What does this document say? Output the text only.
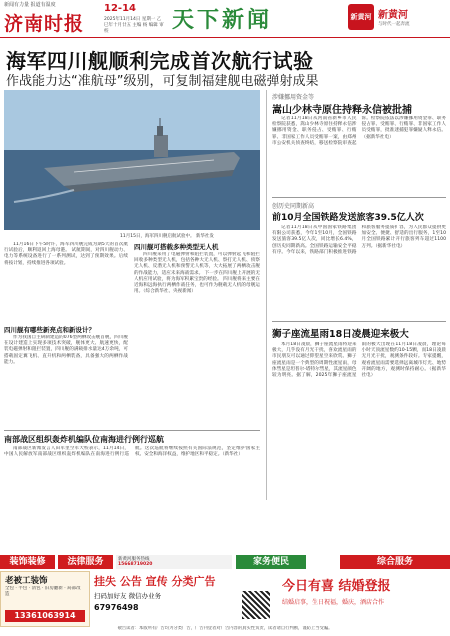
新闻有力量 报道有温度
济南时报
12-14
2025年11月14日 星期一 乙巳年十月廿五 主编 杨 编辑 审校	天下新闻	新黄河 新黄河
与时代一起奔流
海军四川舰顺利完成首次航行试验
作战能力达“准航母”级别，可复制福建舰电磁弹射成果
11月15日，海军四川舰启航试验中。 新华社发

11月16日下午5时许，海军四川舰完成为期5天的首次航行试验后，顺利返回上海母港。 试航期间，对四川舰动力、电力等系统设备进行了一系列测试，达到了预期效果。后续将按计划，持续推进各项试验。

四川舰有哪些新亮点和新设计？

作为我国自主研制建造的076型两栖攻击舰首舰，四川舰在设计建造上实现多项技术突破，舰体更大、航速更快，配装电磁弹射和阻拦装置，四川舰的满载排水量达4万余吨，可搭载固定翼飞机、直升机和两栖装备，具备强大的两栖作战能力。

四川舰可搭载多种类型无人机

四川舰采用了电磁弹射和阻拦装置，可以弹射起飞和阻拦回收多种类型无人机，包括各种大无人机、察打无人机、侦察无人机、反潜无人机和预警无人机等，大大拓展了两栖攻击舰的作战能力，适应未来海战需求。 下一步在四川舰上开展的无人机应用试验，将为海军积累宝贵的经验。 四川舰将来主要在近海和远海执行两栖作战任务，也可作为舰载无人机的母舰运用。（综合新华社、央视新闻）

南部战区组织轰炸机编队位南海进行例行巡航

南部战区新闻发言人田军里空军大校表示，11月14日，中国人民解放军南部战区组织轰炸机编队在南海进行例行巡航。这次巡航将继续按照有关国际法规范，坚定维护国家主权、安全和海洋权益，维护地区和平稳定。（新华社）

涉嫌挪用资金等
嵩山少林寺原住持释永信被批捕

记者11月18日从河南省新乡市人民检察院获悉，嵩山少林寺原住持释永信涉嫌挪用资金、职务侵占、受贿罪、行贿罪、非国家工作人员受贿罪一案，由郑州市公安机关侦查终结，移送检察院审查起诉。检察院依法以涉嫌挪用资金罪、职务侵占罪、受贿罪、行贿罪、非国家工作人员受贿罪，批准逮捕犯罪嫌疑人释永信。（据新华社电）

创历史同期新高
前10月全国铁路发送旅客39.5亿人次

记者11月18日从中国国家铁路集团有限公司获悉，今年1至10月，全国铁路发送旅客39.5亿人次，同比增长6.4%，创历史同期新高。全国铁路运输安全平稳有序。今年以来，铁路部门积极推进铁路和旅客服务提质扩容，为人民群众提供更加安全、便捷、舒适的出行服务，1至10月全国铁路累计开行旅客列车超过1100万列。（据新华社电）

狮子座流星雨18日凌晨迎来极大

本月18日凌晨，狮子座流星雨将迎来极大，几乎没有月光干扰，喜欢流星雨的市民朋友可以通过仰望星空来欣赏。狮子座流星雨是一个典型的周期性流星雨，母体彗星是坦普尔-塔特尔彗星，其流星颜色较为明亮。据了解，2025年狮子座流星雨的极大出现在11月18日凌晨，理论每小时天顶流星数约10-15颗，而18日凌晨无月光干扰，观测条件较好。专家提醒，观看流星雨需要选择远离城市灯光、地势开阔的地方，观测时保持耐心。（据新华社电）

装饰装修	法律服务	家务便民	综合服务
新黄河服务热线
15668719020
老被工装饰
全包 · 半包 · 清包 · 旧房翻新 · 局部改造
13361063914
挂失 公告 宣传 分类广告
扫码加好友 微信办业务
67976498
今日有喜 结婚登报
结婚启事，生日祝福，婚庆，酒店合作
敬告读者：本版所有广告均为分类广告，广告刊登者对广告内容的真实性负责，读者请自行判断，谨防上当受骗。
